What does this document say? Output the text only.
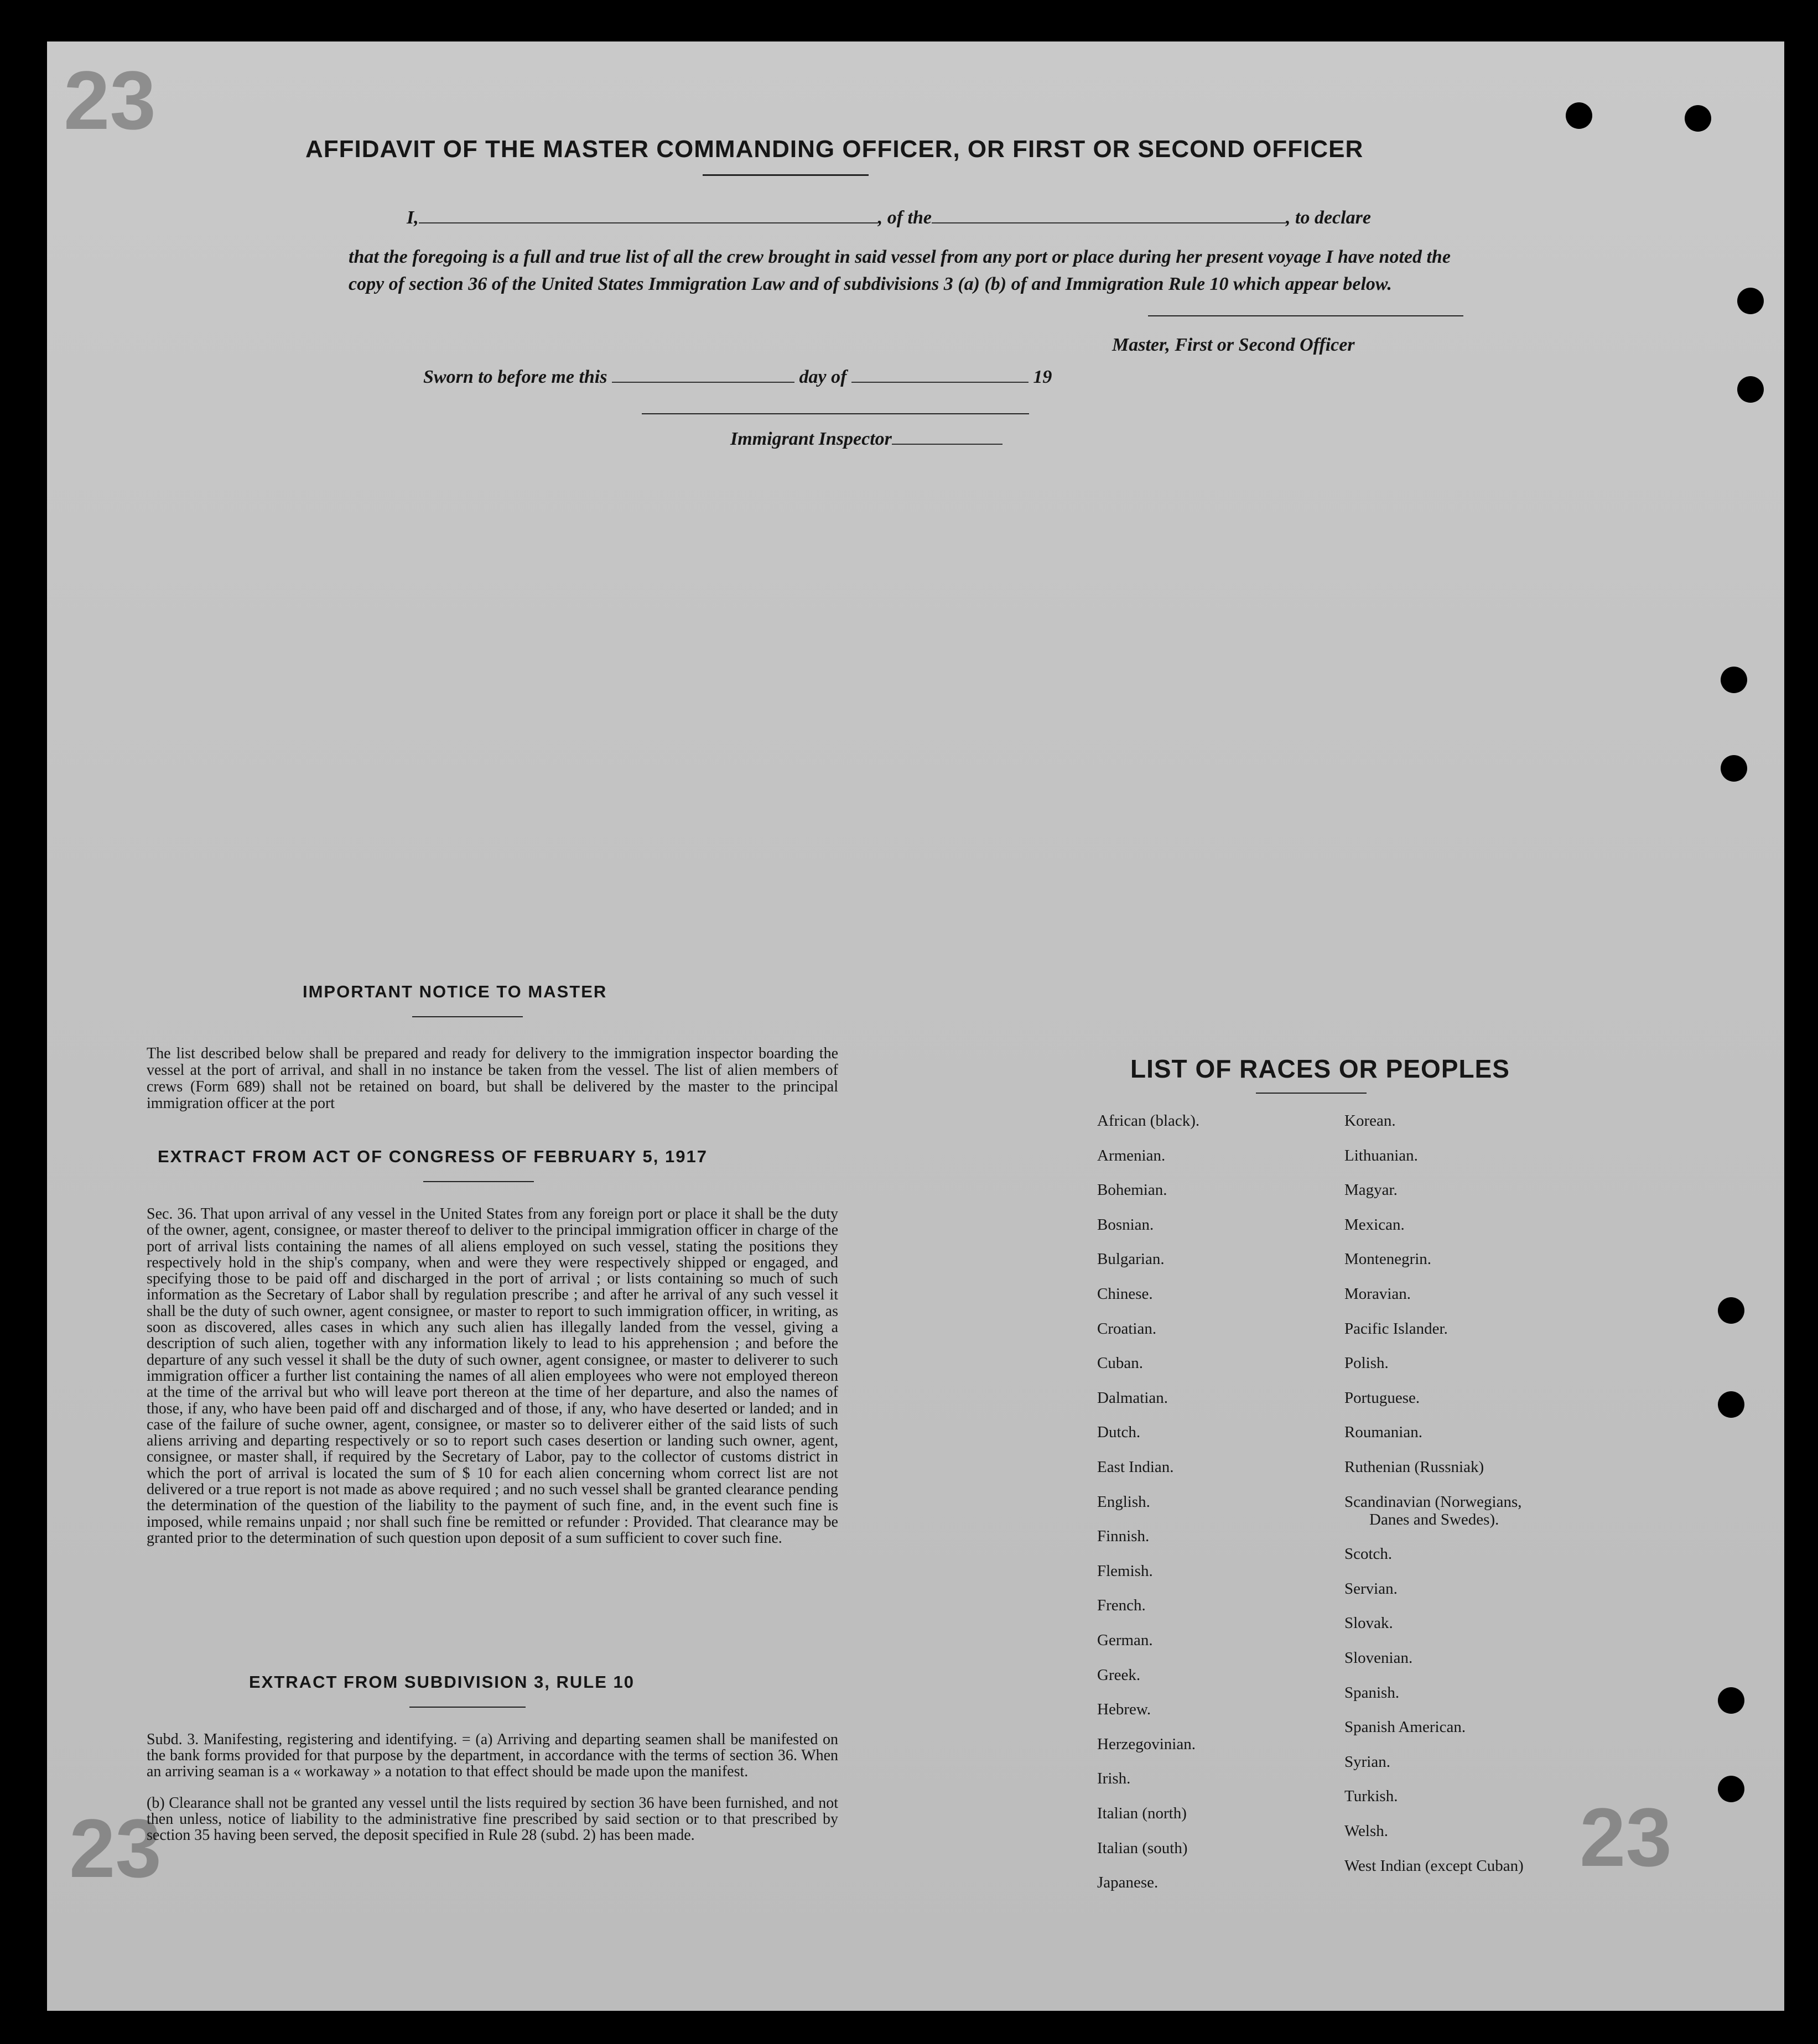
23
23	23
AFFIDAVIT OF THE MASTER COMMANDING OFFICER, OR FIRST OR SECOND OFFICER
I,	, of the	, to declare
that the foregoing is a full and true list of all the crew brought in said vessel from any port or place during her present voyage I have noted the copy of section 36 of the United States Immigration Law and of subdivisions 3 (a) (b) of and Immigration Rule 10 which appear below.
Master, First or Second Officer
Sworn to before me this	day of	19
Immigrant Inspector
IMPORTANT NOTICE TO MASTER
The list described below shall be prepared and ready for delivery to the immigration inspector boarding the vessel at the port of arrival, and shall in no instance be taken from the vessel. The list of alien members of crews (Form 689) shall not be retained on board, but shall be delivered by the master to the principal immigration officer at the port
EXTRACT FROM ACT OF CONGRESS OF FEBRUARY 5, 1917
Sec. 36. That upon arrival of any vessel in the United States from any foreign port or place it shall be the duty of the owner, agent, consignee, or master thereof to deliver to the principal immigration officer in charge of the port of arrival lists containing the names of all aliens employed on such vessel, stating the positions they respectively hold in the ship's company, when and were they were respectively shipped or engaged, and specifying those to be paid off and discharged in the port of arrival ; or lists containing so much of such information as the Secretary of Labor shall by regulation prescribe ; and after he arrival of any such vessel it shall be the duty of such owner, agent consignee, or master to report to such immigration officer, in writing, as soon as discovered, alles cases in which any such alien has illegally landed from the vessel, giving a description of such alien, together with any information likely to lead to his apprehension ; and before the departure of any such vessel it shall be the duty of such owner, agent consignee, or master to deliverer to such immigration officer a further list containing the names of all alien employees who were not employed thereon at the time of the arrival but who will leave port thereon at the time of her departure, and also the names of those, if any, who have been paid off and discharged and of those, if any, who have deserted or landed; and in case of the failure of suche owner, agent, consignee, or master so to deliverer either of the said lists of such aliens arriving and departing respectively or so to report such cases desertion or landing such owner, agent, consignee, or master shall, if required by the Secretary of Labor, pay to the collector of customs district in which the port of arrival is located the sum of $ 10 for each alien concerning whom correct list are not delivered or a true report is not made as above required ; and no such vessel shall be granted clearance pending the determination of the question of the liability to the payment of such fine, and, in the event such fine is imposed, while remains unpaid ; nor shall such fine be remitted or refunder : Provided. That clearance may be granted prior to the determination of such question upon deposit of a sum sufficient to cover such fine.
EXTRACT FROM SUBDIVISION 3, RULE 10
Subd. 3. Manifesting, registering and identifying. = (a) Arriving and departing seamen shall be manifested on the bank forms provided for that purpose by the department, in accordance with the terms of section 36. When an arriving seaman is a « workaway » a notation to that effect should be made upon the manifest.
(b) Clearance shall not be granted any vessel until the lists required by section 36 have been furnished, and not then unless, notice of liability to the administrative fine prescribed by said section or to that prescribed by section 35 having been served, the deposit specified in Rule 28 (subd. 2) has been made.
LIST OF RACES OR PEOPLES
African (black).
Armenian.
Bohemian.
Bosnian.
Bulgarian.
Chinese.
Croatian.
Cuban.
Dalmatian.
Dutch.
East Indian.
English.
Finnish.
Flemish.
French.
German.
Greek.
Hebrew.
Herzegovinian.
Irish.
Italian (north)
Italian (south)
Japanese.
Korean.
Lithuanian.
Magyar.
Mexican.
Montenegrin.
Moravian.
Pacific Islander.
Polish.
Portuguese.
Roumanian.
Ruthenian (Russniak)
Scandinavian (Norwegians,
Danes and Swedes).
Scotch.
Servian.
Slovak.
Slovenian.
Spanish.
Spanish American.
Syrian.
Turkish.
Welsh.
West Indian (except Cuban)
